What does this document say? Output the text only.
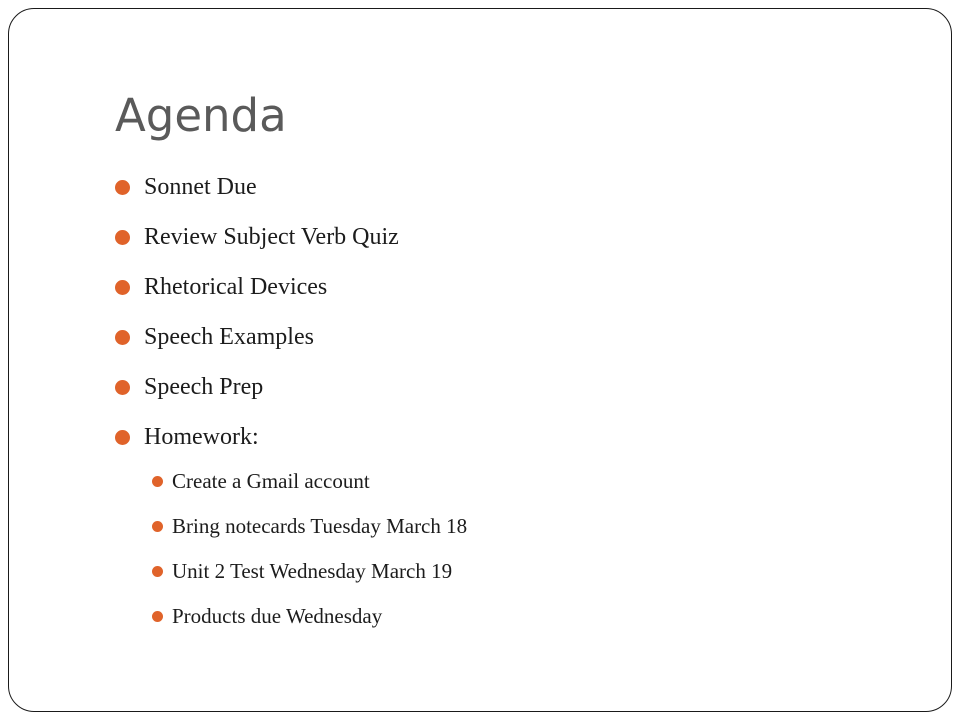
Agenda
Sonnet Due
Review Subject Verb Quiz
Rhetorical Devices
Speech Examples
Speech Prep
Homework:
Create a Gmail account
Bring notecards Tuesday March 18
Unit 2 Test Wednesday March 19
Products due Wednesday
